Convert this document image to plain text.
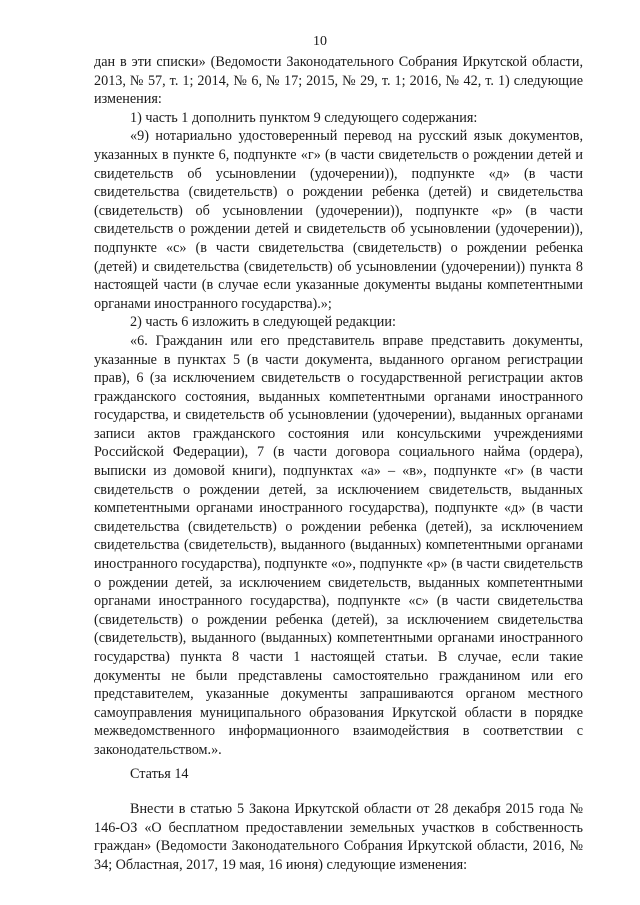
10

дан в эти списки» (Ведомости Законодательного Собрания Иркутской области, 2013, № 57, т. 1; 2014, № 6, № 17; 2015, № 29, т. 1; 2016, № 42, т. 1) следующие изменения:

1) часть 1 дополнить пунктом 9 следующего содержания:

«9) нотариально удостоверенный перевод на русский язык документов, указанных в пункте 6, подпункте «г» (в части свидетельств о рождении детей и свидетельств об усыновлении (удочерении)), подпункте «д» (в части свидетельства (свидетельств) о рождении ребенка (детей) и свидетельства (свидетельств) об усыновлении (удочерении)), подпункте «р» (в части свидетельств о рождении детей и свидетельств об усыновлении (удочерении)), подпункте «с» (в части свидетельства (свидетельств) о рождении ребенка (детей) и свидетельства (свидетельств) об усыновлении (удочерении)) пункта 8 настоящей части (в случае если указанные документы выданы компетентными органами иностранного государства).»;

2) часть 6 изложить в следующей редакции:

«6. Гражданин или его представитель вправе представить документы, указанные в пунктах 5 (в части документа, выданного органом регистрации прав), 6 (за исключением свидетельств о государственной регистрации актов гражданского состояния, выданных компетентными органами иностранного государства, и свидетельств об усыновлении (удочерении), выданных органами записи актов гражданского состояния или консульскими учреждениями Российской Федерации), 7 (в части договора социального найма (ордера), выписки из домовой книги), подпунктах «а» – «в», подпункте «г» (в части свидетельств о рождении детей, за исключением свидетельств, выданных компетентными органами иностранного государства), подпункте «д» (в части свидетельства (свидетельств) о рождении ребенка (детей), за исключением свидетельства (свидетельств), выданного (выданных) компетентными органами иностранного государства), подпункте «о», подпункте «р» (в части свидетельств о рождении детей, за исключением свидетельств, выданных компетентными органами иностранного государства), подпункте «с» (в части свидетельства (свидетельств) о рождении ребенка (детей), за исключением свидетельства (свидетельств), выданного (выданных) компетентными органами иностранного государства) пункта 8 части 1 настоящей статьи. В случае, если такие документы не были представлены самостоятельно гражданином или его представителем, указанные документы запрашиваются органом местного самоуправления муниципального образования Иркутской области в порядке межведомственного информационного взаимодействия в соответствии с законодательством.».

Статья 14

Внести в статью 5 Закона Иркутской области от 28 декабря 2015 года № 146-ОЗ «О бесплатном предоставлении земельных участков в собственность граждан» (Ведомости Законодательного Собрания Иркутской области, 2016, № 34; Областная, 2017, 19 мая, 16 июня) следующие изменения:
